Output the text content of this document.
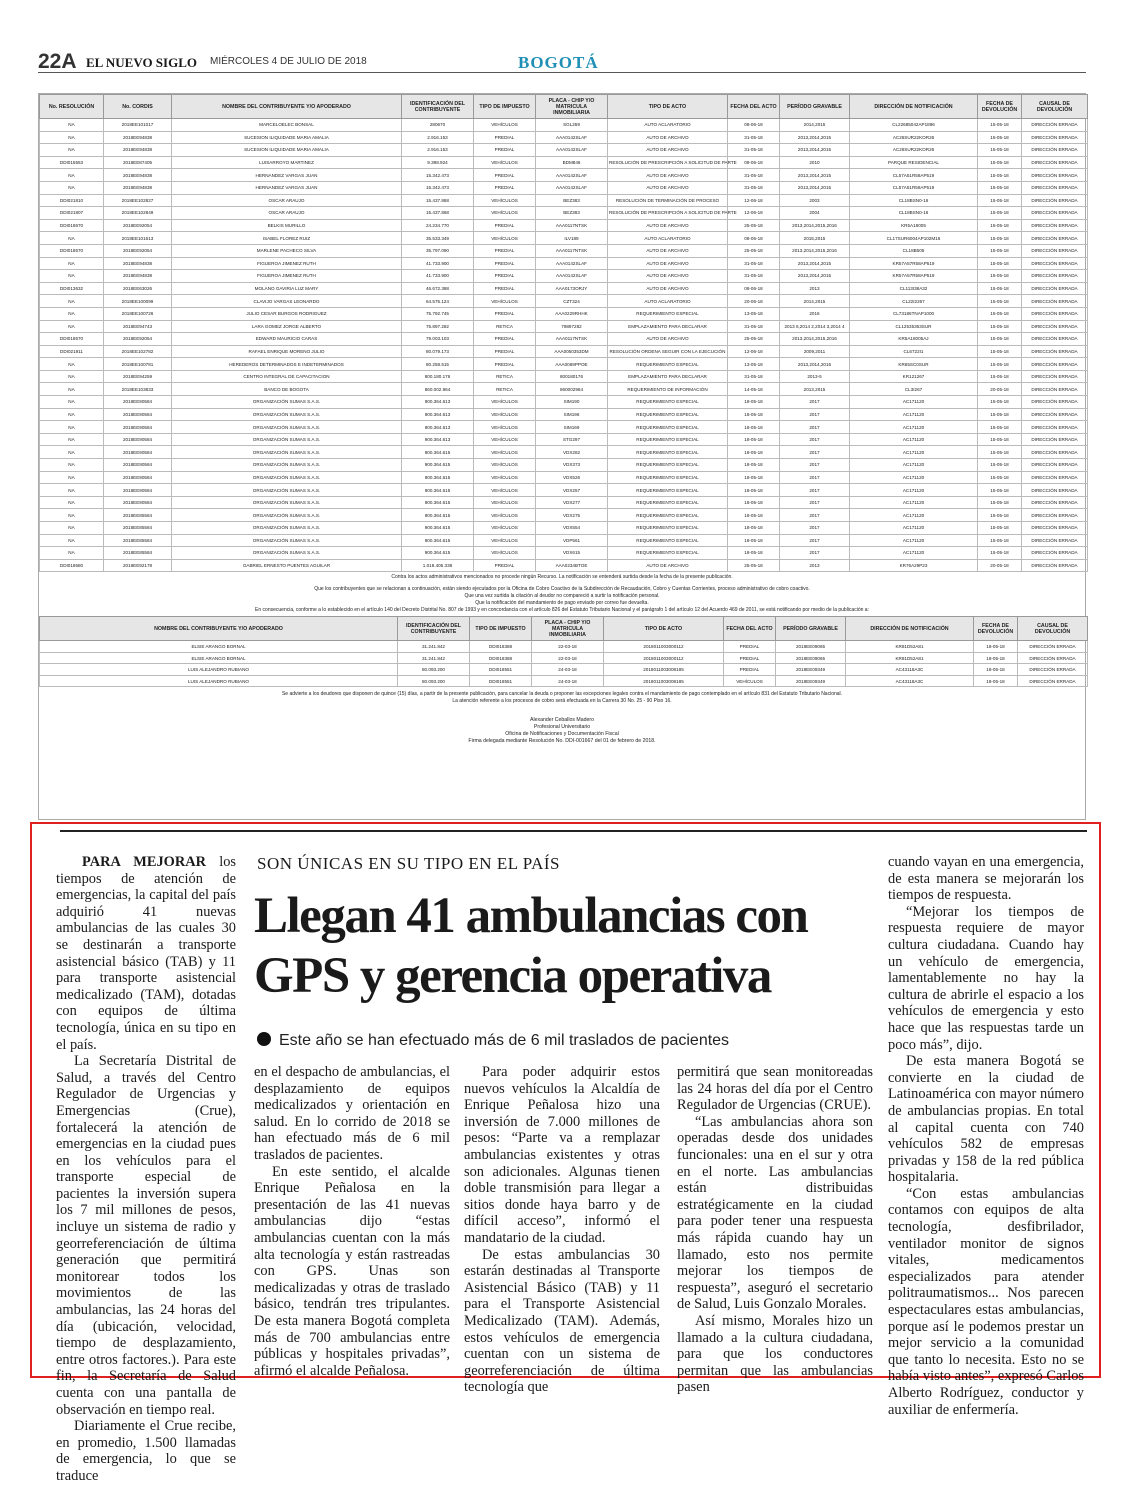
22A EL NUEVO SIGLO MIÉRCOLES 4 DE JULIO DE 2018	BOGOTÁ
No. RESOLUCIÓN	No. CORDIS	NOMBRE DEL CONTRIBUYENTE Y/O APODERADO	IDENTIFICACIÓN DEL CONTRIBUYENTE	TIPO DE IMPUESTO	PLACA - CHIP Y/O MATRICULA INMOBILIARIA	TIPO DE ACTO	FECHA DEL ACTO	PERÍODO GRAVABLE	DIRECCIÓN DE NOTIFICACIÓN	FECHA DE DEVOLUCIÓN	CAUSAL DE DEVOLUCIÓN
NA	2018EE101017	MARCELOELEC BONSAL	280670	VEHÍCULOS	SGL259	AUTO ACLARATORIO	08-06-18	2014,2015	CL22685042AP1896	15-05-18	DIRECCIÓN ERRADA
NA	2018EE94838	SUCESION ILIQUIDADE MARIA AMALIA	2.916.153	PREDIAL	AAA0142SLAF	AUTO DE ARCHIVO	31-05-18	2013,2014,2015	AC26SUR22KOR26	15-05-18	DIRECCIÓN ERRADA
NA	2018EE94838	SUCESION ILIQUIDADE MARIA AMALIA	2.916.153	PREDIAL	AAA0142SLAF	AUTO DE ARCHIVO	31-05-18	2013,2014,2015	AC26SUR22KOR26	15-05-18	DIRECCIÓN ERRADA
DDI015553	2018EE87405	LUISARROYO MARTINEZ	9.398.924	VEHÍCULOS	BDM846	RESOLUCIÓN DE PRESCRIPCIÓN A SOLICITUD DE PARTE	08-06-18	2010	PARQUE RESIDENCIAL	15-05-18	DIRECCIÓN ERRADA
NA	2018EE94838	HERNANDEZ VARGAS JUAN	15.342.473	PREDIAL	AAA0142SLAF	AUTO DE ARCHIVO	31-05-18	2013,2014,2015	CL57A51R58AP519	15-05-18	DIRECCIÓN ERRADA
NA	2018EE94838	HERNANDEZ VARGAS JUAN	15.342.473	PREDIAL	AAA0142SLAF	AUTO DE ARCHIVO	31-05-18	2013,2014,2015	CL57A51R58AP519	15-05-18	DIRECCIÓN ERRADA
DDI021810	2018EE102827	OSCAR ARAUJO	15.437.868	VEHÍCULOS	BEZ383	RESOLUCIÓN DE TERMINACIÓN DE PROCESO	12-06-18	2003	CL18BSN0-16	15-05-18	DIRECCIÓN ERRADA
DDI021807	2018EE102849	OSCAR ARAUJO	15.437.868	VEHÍCULOS	BEZ383	RESOLUCIÓN DE PRESCRIPCIÓN A SOLICITUD DE PARTE	12-06-18	2004	CL18BSN0-16	15-05-18	DIRECCIÓN ERRADA
DDI018670	2018EE92054	BELKIS MURILLO	24.234.770	PREDIAL	AAA0117NTSK	AUTO DE ARCHIVO	25-05-18	2013,2014,2015,2016	KR5A18005	15-05-18	DIRECCIÓN ERRADA
NA	2018EE101613	ISABEL FLOREZ RUIZ	35.533.349	VEHÍCULOS	ILV189	AUTO ACLARATORIO	08-06-18	2015,2015	CL17SUR6004AP102M16	15-05-18	DIRECCIÓN ERRADA
DDI018670	2018EE92054	MARLENE PACHECO SILVA	35.797.090	PREDIAL	AAA0117NTSK	AUTO DE ARCHIVO	25-05-18	2013,2014,2015,2016	CL18B605	15-05-18	DIRECCIÓN ERRADA
NA	2018EE94838	FIGUEROA JIMENEZ RUTH	41.733.900	PREDIAL	AAA0142SLAF	AUTO DE ARCHIVO	31-05-18	2013,2014,2015	KR57A57R58AP519	15-05-18	DIRECCIÓN ERRADA
NA	2018EE94838	FIGUEROA JIMENEZ RUTH	41.733.900	PREDIAL	AAA0142SLAF	AUTO DE ARCHIVO	31-05-18	2013,2014,2015	KR57A57R58AP519	15-05-18	DIRECCIÓN ERRADA
DDI013632	2018EE63026	MOLANO GAVIRIA LUZ MARY	46.672.388	PREDIAL	AAA0173ORJY	AUTO DE ARCHIVO	08-06-18	2013	CL113I38A32	15-05-18	DIRECCIÓN ERRADA
NA	2018EE100099	CLAVIJO VARGAS LEONARDO	64.575.124	VEHÍCULOS	CZT324	AUTO ACLARATORIO	20-06-18	2014,2015	CL22I2267	15-05-18	DIRECCIÓN ERRADA
NA	2018EE100726	JULIO CESAR BURGOS RODRIGUEZ	75.792.745	PREDIAL	AAA0229RHHK	REQUERIMIENTO ESPECIAL	13-05-18	2016	CL73186TNAP1000	15-05-18	DIRECCIÓN ERRADA
NA	2018EE94743	LARA GOMEZ JORGE ALBERTO	75.897.282	RETICA	79897282	EMPLAZAMIENTO PARA DECLARAR	31-05-18	2013 6,2014 2,2014 3,2014 4	CL12535363SUR	15-05-18	DIRECCIÓN ERRADA
DDI018670	2018EE92054	EDWARD MAURICIO CARAS	79.003.103	PREDIAL	AAA0117NTSK	AUTO DE ARCHIVO	25-05-18	2013,2014,2015,2016	KR5A18005AJ	15-05-18	DIRECCIÓN ERRADA
DDI021911	2018EE102782	RAFAEL ENRIQUE MORENO JULIO	80.079.173	PREDIAL	AAA0050353DM	RESOLUCIÓN ORDENA SEGUIR CON LA EJECUCIÓN	12-06-18	2009,2011	CL6722I1	15-05-18	DIRECCIÓN ERRADA
NA	2018EE100781	HEREDEROS DETERMINADOS E INDETERMINADOS	80.258.515	PREDIAL	AAA0069PPOE	REQUERIMIENTO ESPECIAL	13-05-18	2013,2014,2016	KR65SC0SUR	15-05-18	DIRECCIÓN ERRADA
NA	2018EE94259	CENTRO INTEGRAL DE CAPACITACION	800.180.176	RETICA	800180176	EMPLAZAMIENTO PARA DECLARAR	31-05-18	2013-5	KR121267	15-05-18	DIRECCIÓN ERRADA
NA	2018EE103833	BANCO DE BOGOTA	860.002.964	RETICA	860002964	REQUERIMIENTO DE INFORMACIÓN	14-05-18	2013,2015	CL3I267	20-05-18	DIRECCIÓN ERRADA
NA	2018EE90584	ORGANIZACIÓN SUMAS S.A.S.	900.364.613	VEHÍCULOS	SIM190	REQUERIMIENTO ESPECIAL	18-05-18	2017	AC171120	15-05-18	DIRECCIÓN ERRADA
NA	2018EE90584	ORGANIZACIÓN SUMAS S.A.S.	900.364.613	VEHÍCULOS	SIM196	REQUERIMIENTO ESPECIAL	18-05-18	2017	AC171120	15-05-18	DIRECCIÓN ERRADA
NA	2018EE90584	ORGANIZACIÓN SUMAS S.A.S.	900.364.613	VEHÍCULOS	SIM169	REQUERIMIENTO ESPECIAL	18-05-18	2017	AC171120	15-05-18	DIRECCIÓN ERRADA
NA	2018EE90584	ORGANIZACIÓN SUMAS S.A.S.	900.364.613	VEHÍCULOS	STG297	REQUERIMIENTO ESPECIAL	18-05-18	2017	AC171120	15-05-18	DIRECCIÓN ERRADA
NA	2018EE90584	ORGANIZACIÓN SUMAS S.A.S.	900.364.615	VEHÍCULOS	VDX282	REQUERIMIENTO ESPECIAL	18-05-18	2017	AC171120	15-05-18	DIRECCIÓN ERRADA
NA	2018EE90584	ORGANIZACIÓN SUMAS S.A.S.	900.364.615	VEHÍCULOS	VDX373	REQUERIMIENTO ESPECIAL	18-05-18	2017	AC171120	15-05-18	DIRECCIÓN ERRADA
NA	2018EE90584	ORGANIZACIÓN SUMAS S.A.S.	900.364.615	VEHÍCULOS	VDX526	REQUERIMIENTO ESPECIAL	18-05-18	2017	AC171120	15-05-18	DIRECCIÓN ERRADA
NA	2018EE90584	ORGANIZACIÓN SUMAS S.A.S.	900.364.615	VEHÍCULOS	VDX257	REQUERIMIENTO ESPECIAL	18-05-18	2017	AC171120	15-05-18	DIRECCIÓN ERRADA
NA	2018EE90584	ORGANIZACIÓN SUMAS S.A.S.	900.364.615	VEHÍCULOS	VDX277	REQUERIMIENTO ESPECIAL	18-05-18	2017	AC171120	15-05-18	DIRECCIÓN ERRADA
NA	2018EE85584	ORGANIZACIÓN SUMAS S.A.S.	900.364.615	VEHÍCULOS	VDX275	REQUERIMIENTO ESPECIAL	18-05-18	2017	AC171120	15-05-18	DIRECCIÓN ERRADA
NA	2018EE85584	ORGANIZACIÓN SUMAS S.A.S.	900.364.615	VEHÍCULOS	VDX554	REQUERIMIENTO ESPECIAL	18-05-18	2017	AC171120	15-05-18	DIRECCIÓN ERRADA
NA	2018EE85584	ORGANIZACIÓN SUMAS S.A.S.	900.364.615	VEHÍCULOS	VDP561	REQUERIMIENTO ESPECIAL	18-05-18	2017	AC171120	15-05-18	DIRECCIÓN ERRADA
NA	2018EE85584	ORGANIZACIÓN SUMAS S.A.S.	900.364.615	VEHÍCULOS	VDX615	REQUERIMIENTO ESPECIAL	18-05-18	2017	AC171120	15-05-18	DIRECCIÓN ERRADA
DDI018680	2018EE92178	GABRIEL ERNESTO PUENTES AGUILAR	1.018.405.338	PREDIAL	AAA0234BTOE	AUTO DE ARCHIVO	25-05-18	2013	KR76A29P23	20-05-18	DIRECCIÓN ERRADA
Contra los actos administrativos mencionados no procede ningún Recurso. La notificación se entenderá surtida desde la fecha de la presente publicación.
Que los contribuyentes que se relacionan a continuación, están siendo ejecutados por la Oficina de Cobro Coactivo de la Subdirección de Recaudación, Cobro y Cuentas Corrientes, proceso administrativo de cobro coactivo.
Que una vez surtida la citación al deudor no compareció a surtir la notificación personal.
Que la notificación del mandamiento de pago enviado por correo fue devuelta.
En consecuencia, conforme a lo establecido en el artículo 140 del Decreto Distrital No. 807 de 1993 y en concordancia con el artículo 826 del Estatuto Tributario Nacional y el parágrafo 1 del artículo 12 del Acuerdo 469 de 2011, se está notificando por medio de la publicación a:
NOMBRE DEL CONTRIBUYENTE Y/O APODERADO	IDENTIFICACIÓN DEL CONTRIBUYENTE	TIPO DE IMPUESTO	PLACA - CHIP Y/O MATRICULA INMOBILIARIA	TIPO DE ACTO	FECHA DEL ACTO	PERÍODO GRAVABLE	DIRECCIÓN DE NOTIFICACIÓN	FECHA DE DEVOLUCIÓN	CAUSAL DE DEVOLUCIÓN
ELSIE ARANGO BORNAL	31.241.842	DDI018388	22-03-18	2018011003000112	PREDIAL	2018EE09065	KR81D52A81	18-05-18	DIRECCIÓN ERRADA
ELSIE ARANGO BORNAL	31.241.842	DDI018388	22-03-18	2018011003000112	PREDIAL	2018EE09065	KR81D52A81	18-05-18	DIRECCIÓN ERRADA
LUIS ALEJANDRO RUBIANO	80.093.200	DDI018551	24-03-18	2018011003008185	PREDIAL	2018EE09349	AC43118A3C	18-05-18	DIRECCIÓN ERRADA
LUIS ALEJANDRO RUBIANO	80.093.200	DDI018551	24-03-18	2018011003008185	VEHÍCULOS	2018EE09349	AC43118A3C	18-05-18	DIRECCIÓN ERRADA
Se advierte a los deudores que disponen de quince (15) días, a partir de la presente publicación, para cancelar la deuda o proponer las excepciones legales contra el mandamiento de pago contemplado en el artículo 831 del Estatuto Tributario Nacional.
La atención referente a los procesos de cobro será efectuada en la Carrera 30 No. 25 - 90 Piso 16.
Alexander Ceballos Madero
Profesional Universitario
Oficina de Notificaciones y Documentación Fiscal
Firma delegada mediante Resolución No. DDI-001667 del 01 de febrero de 2018.

PARA MEJORAR los tiempos de atención de emergencias, la capital del país adquirió 41 nuevas ambulancias de las cuales 30 se destinarán a transporte asistencial básico (TAB) y 11 para transporte asistencial medicalizado (TAM), dotadas con equipos de última tecnología, única en su tipo en el país.

La Secretaría Distrital de Salud, a través del Centro Regulador de Urgencias y Emergencias (Crue), fortalecerá la atención de emergencias en la ciudad pues en los vehículos para el transporte especial de pacientes la inversión supera los 7 mil millones de pesos, incluye un sistema de radio y georreferenciación de última generación que permitirá monitorear todos los movimientos de las ambulancias, las 24 horas del día (ubicación, velocidad, tiempo de desplazamiento, entre otros factores.). Para este fin, la Secretaría de Salud cuenta con una pantalla de observación en tiempo real.

Diariamente el Crue recibe, en promedio, 1.500 llamadas de emergencia, lo que se traduce

SON ÚNICAS EN SU TIPO EN EL PAÍS
Llegan 41 ambulancias con GPS y gerencia operativa
Este año se han efectuado más de 6 mil traslados de pacientes

en el despacho de ambulancias, el desplazamiento de equipos medicalizados y orientación en salud. En lo corrido de 2018 se han efectuado más de 6 mil traslados de pacientes.

En este sentido, el alcalde Enrique Peñalosa en la presentación de las 41 nuevas ambulancias dijo “estas ambulancias cuentan con la más alta tecnología y están rastreadas con GPS. Unas son medicalizadas y otras de traslado básico, tendrán tres tripulantes. De esta manera Bogotá completa más de 700 ambulancias entre públicas y hospitales privadas”, afirmó el alcalde Peñalosa.

Para poder adquirir estos nuevos vehículos la Alcaldía de Enrique Peñalosa hizo una inversión de 7.000 millones de pesos: “Parte va a remplazar ambulancias existentes y otras son adicionales. Algunas tienen doble transmisión para llegar a sitios donde haya barro y de difícil acceso”, informó el mandatario de la ciudad.

De estas ambulancias 30 estarán destinadas al Transporte Asistencial Básico (TAB) y 11 para el Transporte Asistencial Medicalizado (TAM). Además, estos vehículos de emergencia cuentan con un sistema de georreferenciación de última tecnología que

permitirá que sean monitoreadas las 24 horas del día por el Centro Regulador de Urgencias (CRUE).

“Las ambulancias ahora son operadas desde dos unidades funcionales: una en el sur y otra en el norte. Las ambulancias están distribuidas estratégicamente en la ciudad para poder tener una respuesta más rápida cuando hay un llamado, esto nos permite mejorar los tiempos de respuesta”, aseguró el secretario de Salud, Luis Gonzalo Morales.

Así mismo, Morales hizo un llamado a la cultura ciudadana, para que los conductores permitan que las ambulancias pasen

cuando vayan en una emergencia, de esta manera se mejorarán los tiempos de respuesta.

“Mejorar los tiempos de respuesta requiere de mayor cultura ciudadana. Cuando hay un vehículo de emergencia, lamentablemente no hay la cultura de abrirle el espacio a los vehículos de emergencia y esto hace que las respuestas tarde un poco más”, dijo.

De esta manera Bogotá se convierte en la ciudad de Latinoamérica con mayor número de ambulancias propias. En total al capital cuenta con 740 vehículos 582 de empresas privadas y 158 de la red pública hospitalaria.

“Con estas ambulancias contamos con equipos de alta tecnología, desfibrilador, ventilador monitor de signos vitales, medicamentos especializados para atender politraumatismos... Nos parecen espectaculares estas ambulancias, porque así le podemos prestar un mejor servicio a la comunidad que tanto lo necesita. Esto no se había visto antes”, expresó Carlos Alberto Rodríguez, conductor y auxiliar de enfermería.
